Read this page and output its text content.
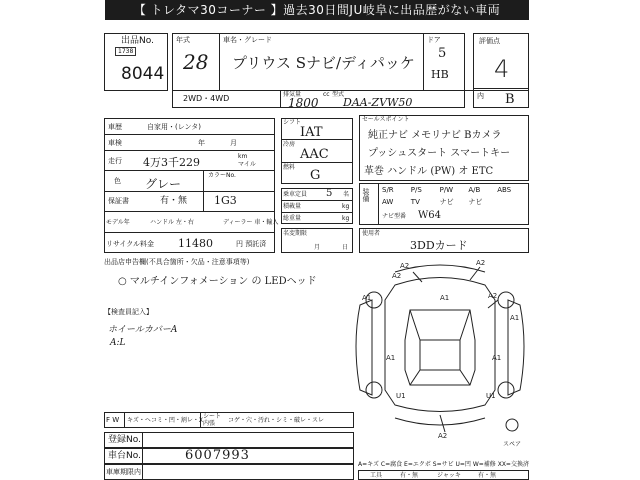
【 トレタマ30コーナー 】過去30日間JU岐阜に出品歴がない車両
出品No.
1738
8044
年式
28
車名・グレード
プリウス Sナビ/ディパッケ
ドア
5
HB
評価点
4
内 B
2WD・4WD	排気量
1800
cc 型式
DAA-ZVW50
車歴	自家用・(レンタ)
車検	年	月
走行 4万3千229	km
マイル
色 グレー
カラーNo.
1G3
保証書	有・無
モデル年	ハンドル 左・右	ディーラー 車・輸入
リサイクル料金 11480	円 預託済
シフト
IAT
冷房
AAC
燃料
G
乗車定員 5 名
積載量	kg
総重量	kg
名変期限
月	日
セールスポイント
純正ナビ メモリナビ Bカメラ
プッシュスタート スマートキー
革巻 ハンドル (PW) オ ETC
装備 S/R	P/S	P/W	A/B	ABS
AW	TV	ナビ	ナビ
ナビ型番 W64
使用者
3DDカード
出品店申告欄(不具合箇所・欠品・注意事項等)
○ マルチインフォメーション の LEDヘッド
【検査員記入】
ホイールカバーA
A:L
A2	A2
A2
A2
A1
A1
A1
A1	A1
U1	U1
A2
スペア
F W キズ・ヘコミ・凹・割レ・X
シート 内張	コゲ・穴・汚れ・シミ・破レ・スレ
登録No.
車台No.	6007993
車庫期限内
A=キズ C=腐食 E=エクボ S=サビ U=凹 W=補修 XX=交換済
工具	有・無	ジャッキ	有・無
